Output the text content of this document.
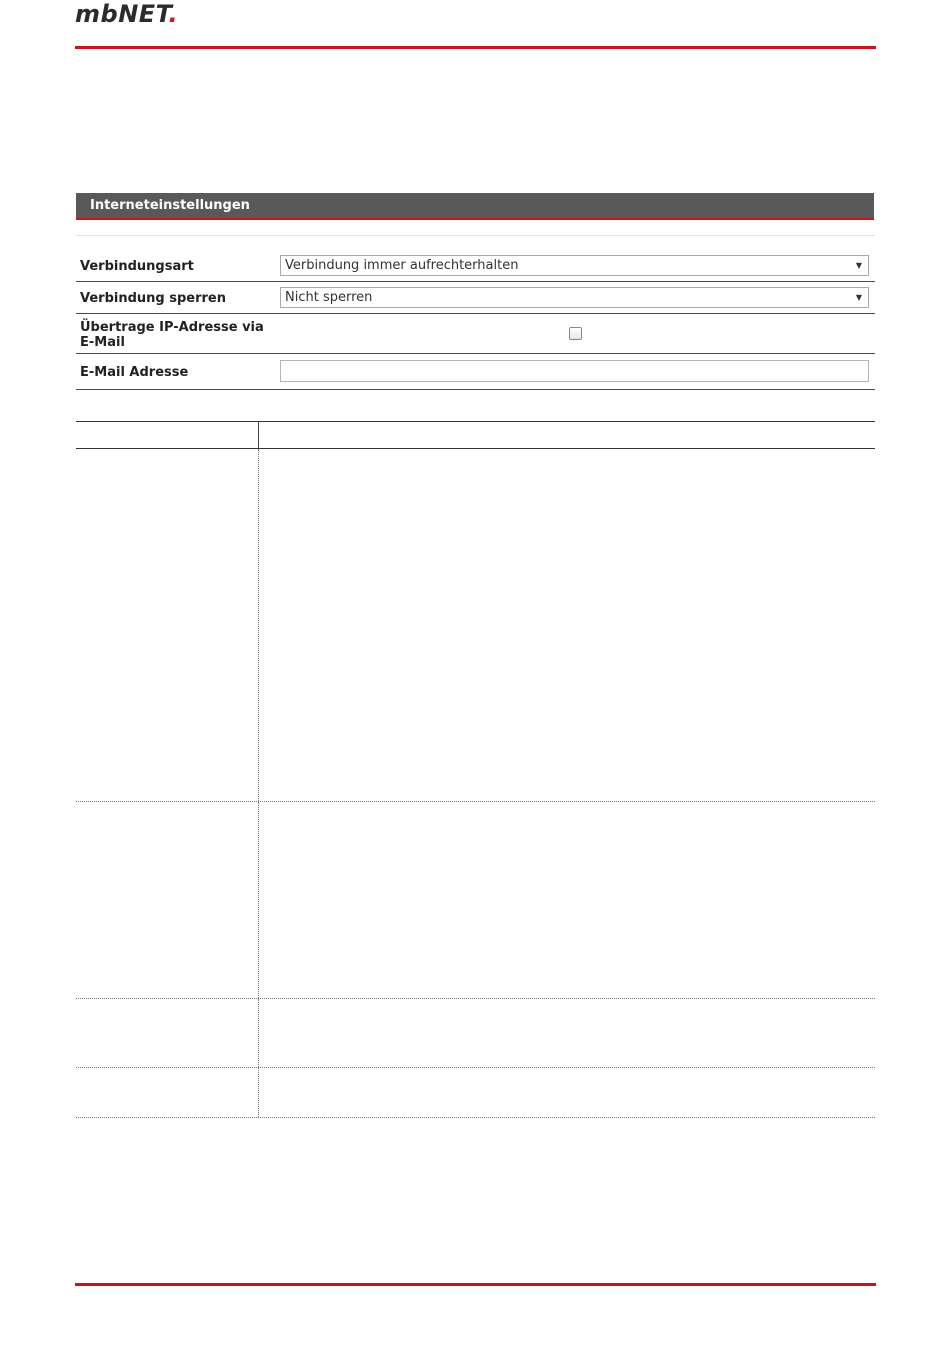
mbNET.
Interneteinstellungen
Verbindungsart	Verbindung immer aufrechterhalten	▼
Verbindung sperren	Nicht sperren	▼
Übertrage IP-Adresse via E-Mail
E-Mail Adresse
